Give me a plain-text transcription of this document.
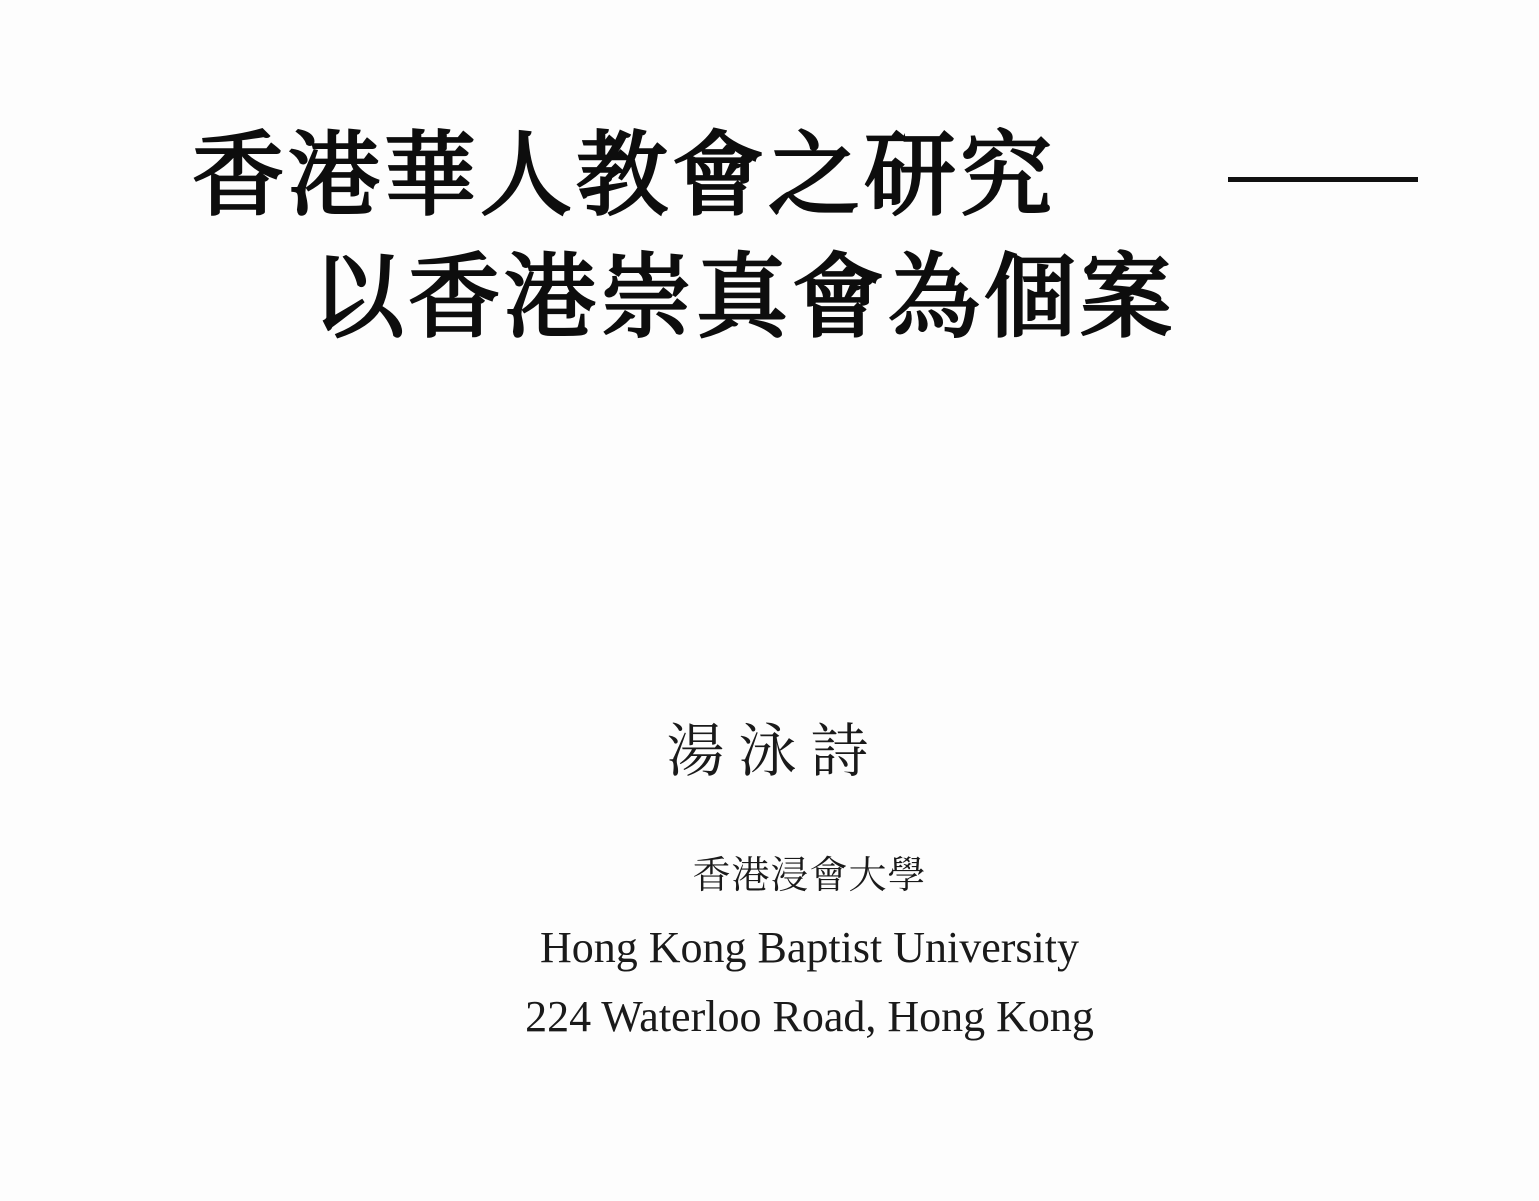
香港華人教會之研究
以香港崇真會為個案
湯泳詩
香港浸會大學
Hong Kong Baptist University
224 Waterloo Road, Hong Kong
